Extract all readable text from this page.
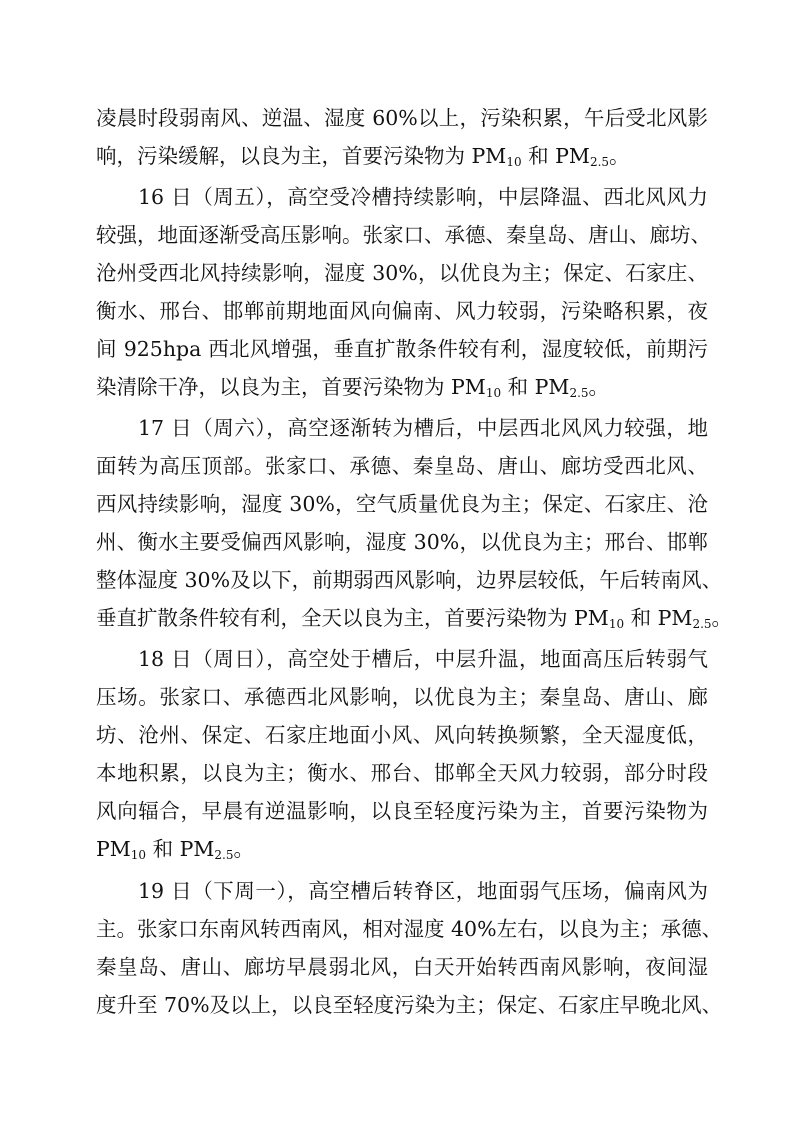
凌晨时段弱南风、逆温、湿度 60%以上，污染积累，午后受北风影
响，污染缓解，以良为主，首要污染物为 $PM_{10}$ 和 $PM_{2.5}$。
16 日（周五），高空受冷槽持续影响，中层降温、西北风风力
较强，地面逐渐受高压影响。张家口、承德、秦皇岛、唐山、廊坊、
沧州受西北风持续影响，湿度 30%，以优良为主；保定、石家庄、
衡水、邢台、邯郸前期地面风向偏南、风力较弱，污染略积累，夜
间 925hpa 西北风增强，垂直扩散条件较有利，湿度较低，前期污
染清除干净，以良为主，首要污染物为 $PM_{10}$ 和 $PM_{2.5}$。
17 日（周六），高空逐渐转为槽后，中层西北风风力较强，地
面转为高压顶部。张家口、承德、秦皇岛、唐山、廊坊受西北风、
西风持续影响，湿度 30%，空气质量优良为主；保定、石家庄、沧
州、衡水主要受偏西风影响，湿度 30%，以优良为主；邢台、邯郸
整体湿度 30%及以下，前期弱西风影响，边界层较低，午后转南风、
垂直扩散条件较有利，全天以良为主，首要污染物为 $PM_{10}$ 和 $PM_{2.5}$。
18 日（周日），高空处于槽后，中层升温，地面高压后转弱气
压场。张家口、承德西北风影响，以优良为主；秦皇岛、唐山、廊
坊、沧州、保定、石家庄地面小风、风向转换频繁，全天湿度低，
本地积累，以良为主；衡水、邢台、邯郸全天风力较弱，部分时段
风向辐合，早晨有逆温影响，以良至轻度污染为主，首要污染物为
$PM_{10}$ 和 $PM_{2.5}$。
19 日（下周一），高空槽后转脊区，地面弱气压场，偏南风为
主。张家口东南风转西南风，相对湿度 40%左右，以良为主；承德、
秦皇岛、唐山、廊坊早晨弱北风，白天开始转西南风影响，夜间湿
度升至 70%及以上，以良至轻度污染为主；保定、石家庄早晚北风、
